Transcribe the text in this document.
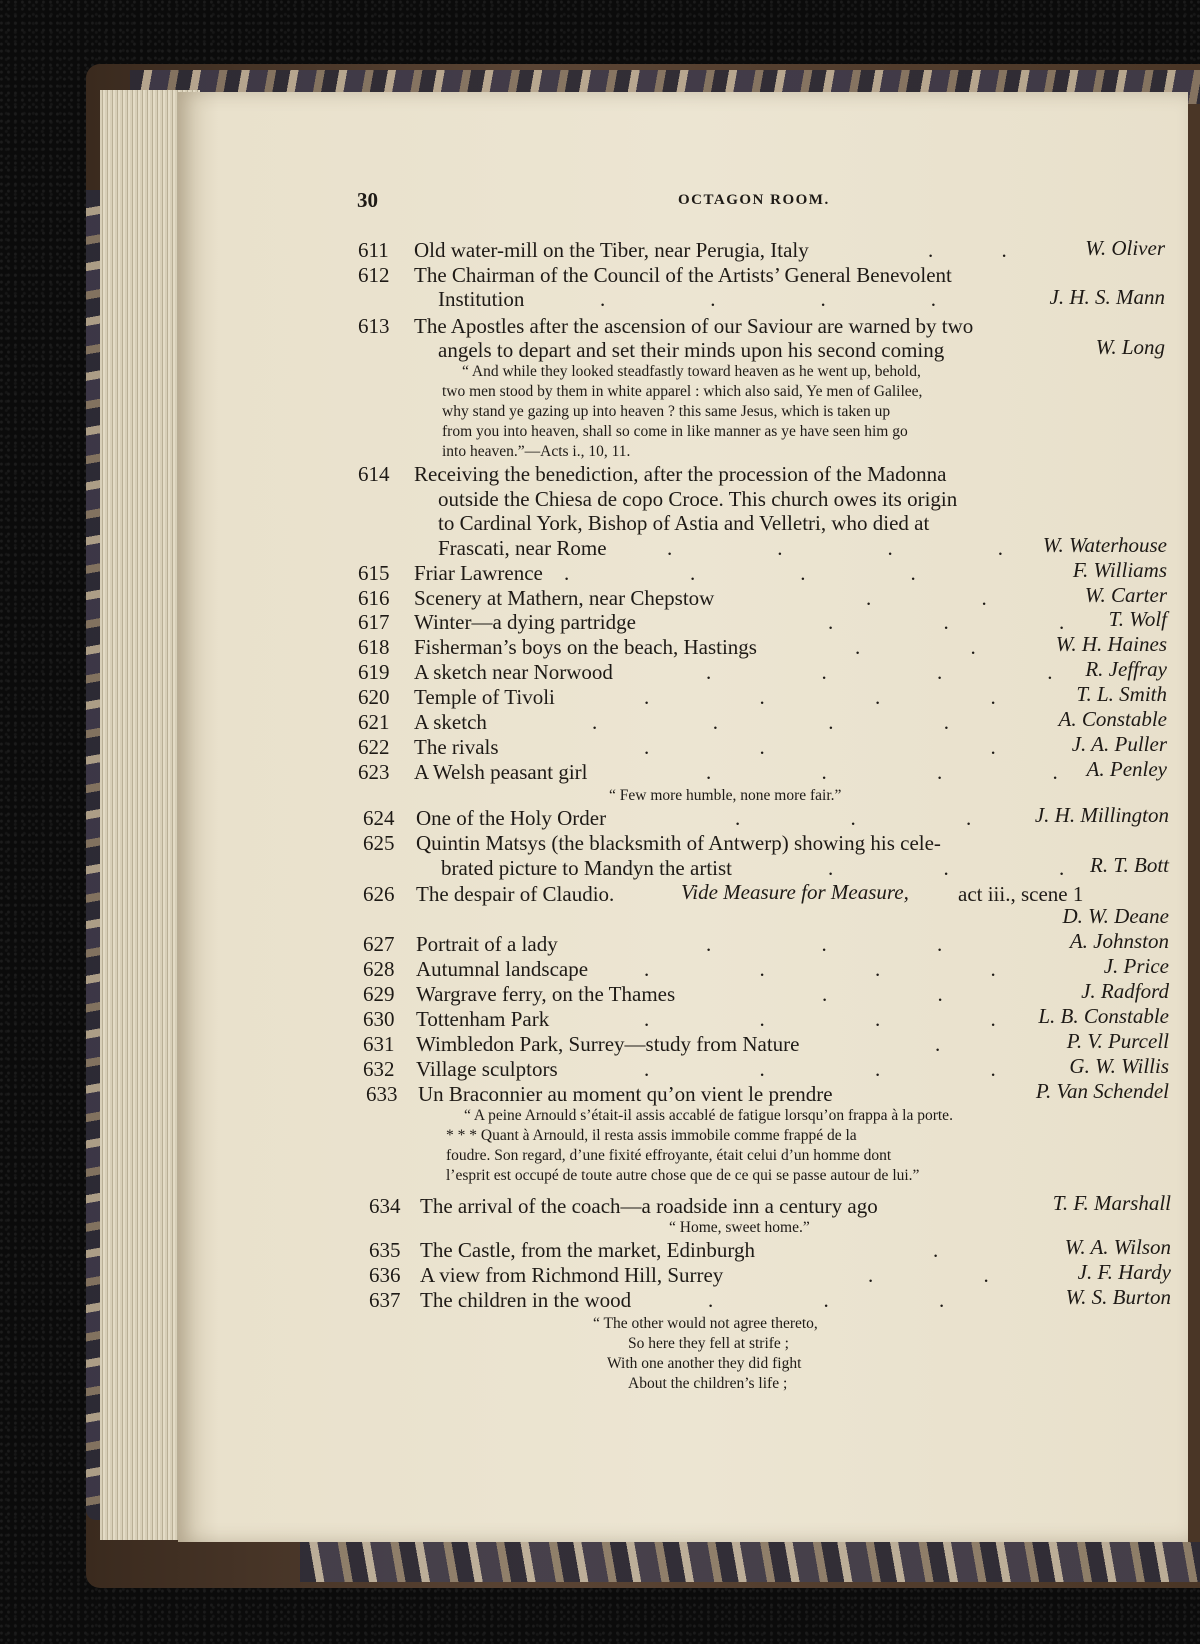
30	OCTAGON ROOM.
611 Old water-mill on the Tiber, near Perugia, Italy	.             .	W. Oliver
612 The Chairman of the Council of the Artists’ General Benevolent
Institution	.                    .                    .                    .	J. H. S. Mann
613 The Apostles after the ascension of our Saviour are warned by two
angels to depart and set their minds upon his second coming	W. Long
“ And while they looked steadfastly toward heaven as he went up, behold,
two men stood by them in white apparel : which also said, Ye men of Galilee,
why stand ye gazing up into heaven ? this same Jesus, which is taken up
from you into heaven, shall so come in like manner as ye have seen him go
into heaven.”—Acts i., 10, 11.
614 Receiving the benediction, after the procession of the Madonna
outside the Chiesa de copo Croce. This church owes its origin
to Cardinal York, Bishop of Astia and Velletri, who died at
Frascati, near Rome	.                    .                    .                    . W. Waterhouse
615 Friar Lawrence .                       .                    .                    .	F. Williams
616 Scenery at Mathern, near Chepstow	.                     .	W. Carter
617 Winter—a dying partridge	.                     .                     . T. Wolf
618 Fisherman’s boys on the beach, Hastings	.                     .	W. H. Haines
619 A sketch near Norwood	.                     .                     .                    . R. Jeffray
620 Temple of Tivoli	.                     .                     .                     .	T. L. Smith
621 A sketch	.                      .                     .                     .	A. Constable
622 The rivals	.                     .                                           .	J. A. Puller
623 A Welsh peasant girl	.                     .                     .                     . A. Penley
“ Few more humble, none more fair.”
624 One of the Holy Order	.                     .                     .	J. H. Millington
625 Quintin Matsys (the blacksmith of Antwerp) showing his cele-
brated picture to Mandyn the artist	.                     .                     . R. T. Bott
626 The despair of Claudio.	Vide Measure for Measure, act iii., scene 1
D. W. Deane
627 Portrait of a lady	.                     .                     .	A. Johnston
628 Autumnal landscape	.                     .                     .                     .	J. Price
629 Wargrave ferry, on the Thames	.                     .	J. Radford
630 Tottenham Park	.                     .                     .                     . L. B. Constable
631 Wimbledon Park, Surrey—study from Nature	.	P. V. Purcell
632 Village sculptors	.                     .                     .                     .	G. W. Willis
633 Un Braconnier au moment qu’on vient le prendre	P. Van Schendel
“ A peine Arnould s’était-il assis accablé de fatigue lorsqu’on frappa à la porte.
* * * Quant à Arnould, il resta assis immobile comme frappé de la
foudre. Son regard, d’une fixité effroyante, était celui d’un homme dont
l’esprit est occupé de toute autre chose que de ce qui se passe autour de lui.”
634 The arrival of the coach—a roadside inn a century ago	T. F. Marshall
“ Home, sweet home.”
635 The Castle, from the market, Edinburgh	.	W. A. Wilson
636 A view from Richmond Hill, Surrey	.                     .	J. F. Hardy
637 The children in the wood	.                     .                     .	W. S. Burton
“ The other would not agree thereto,
So here they fell at strife ;
With one another they did fight
About the children’s life ;
